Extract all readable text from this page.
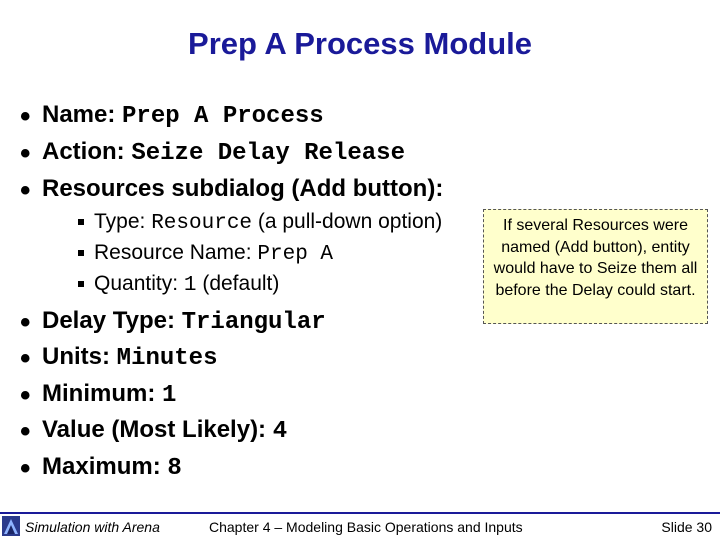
Prep A Process Module
• Name: Prep A Process
• Action: Seize Delay Release
• Resources subdialog (Add button):
Type: Resource (a pull-down option)
Resource Name: Prep A
Quantity: 1 (default)
• Delay Type: Triangular
• Units: Minutes
• Minimum: 1
• Value (Most Likely): 4
• Maximum: 8
If several Resources were named (Add button), entity would have to Seize them all before the Delay could start.
Simulation with Arena	Chapter 4 – Modeling Basic Operations and Inputs	Slide 30
